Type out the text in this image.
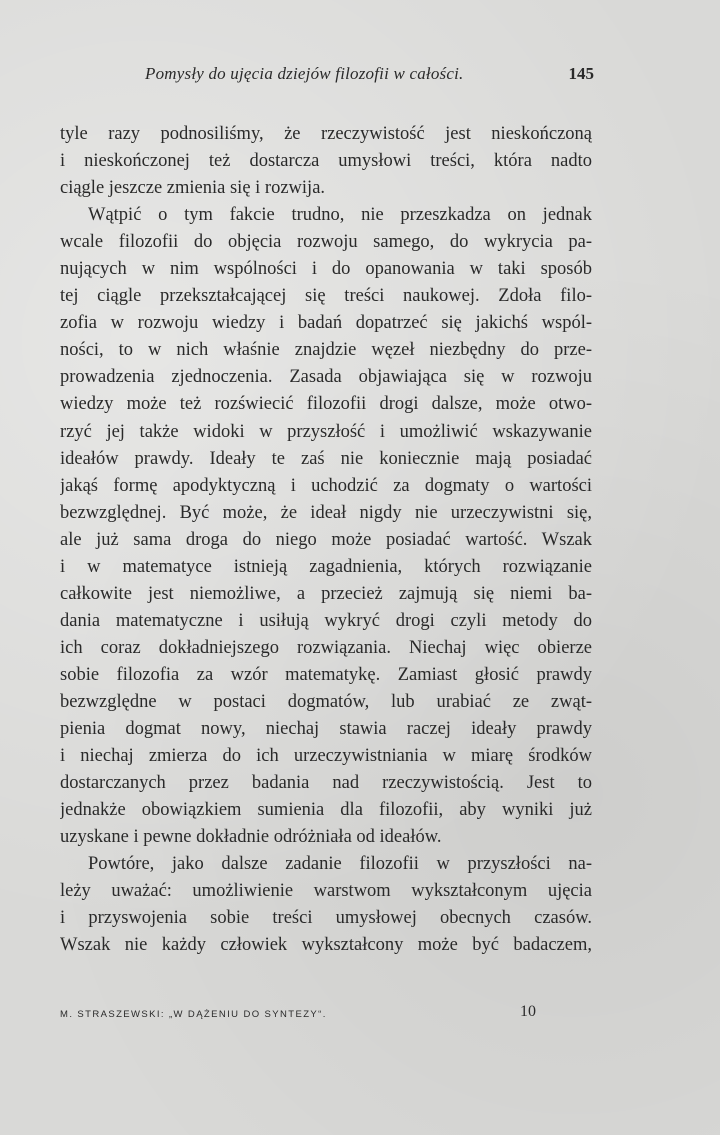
Pomysły do ujęcia dziejów filozofii w całości.	145
tyle razy podnosiliśmy, że rzeczywistość jest nieskończoną
i nieskończonej też dostarcza umysłowi treści, która nadto
ciągle jeszcze zmienia się i rozwija.
Wątpić o tym fakcie trudno, nie przeszkadza on jednak
wcale filozofii do objęcia rozwoju samego, do wykrycia pa-
nujących w nim wspólności i do opanowania w taki sposób
tej ciągle przekształcającej się treści naukowej. Zdoła filo-
zofia w rozwoju wiedzy i badań dopatrzeć się jakichś wspól-
ności, to w nich właśnie znajdzie węzeł niezbędny do prze-
prowadzenia zjednoczenia. Zasada objawiająca się w rozwoju
wiedzy może też rozświecić filozofii drogi dalsze, może otwo-
rzyć jej także widoki w przyszłość i umożliwić wskazywanie
ideałów prawdy. Ideały te zaś nie koniecznie mają posiadać
jakąś formę apodyktyczną i uchodzić za dogmaty o wartości
bezwzględnej. Być może, że ideał nigdy nie urzeczywistni się,
ale już sama droga do niego może posiadać wartość. Wszak
i w matematyce istnieją zagadnienia, których rozwiązanie
całkowite jest niemożliwe, a przecież zajmują się niemi ba-
dania matematyczne i usiłują wykryć drogi czyli metody do
ich coraz dokładniejszego rozwiązania. Niechaj więc obierze
sobie filozofia za wzór matematykę. Zamiast głosić prawdy
bezwzględne w postaci dogmatów, lub urabiać ze zwąt-
pienia dogmat nowy, niechaj stawia raczej ideały prawdy
i niechaj zmierza do ich urzeczywistniania w miarę środków
dostarczanych przez badania nad rzeczywistością. Jest to
jednakże obowiązkiem sumienia dla filozofii, aby wyniki już
uzyskane i pewne dokładnie odróżniała od ideałów.
Powtóre, jako dalsze zadanie filozofii w przyszłości na-
leży uważać: umożliwienie warstwom wykształconym ujęcia
i przyswojenia sobie treści umysłowej obecnych czasów.
Wszak nie każdy człowiek wykształcony może być badaczem,
M. STRASZEWSKI: „W DĄŻENIU DO SYNTEZY“.	10
